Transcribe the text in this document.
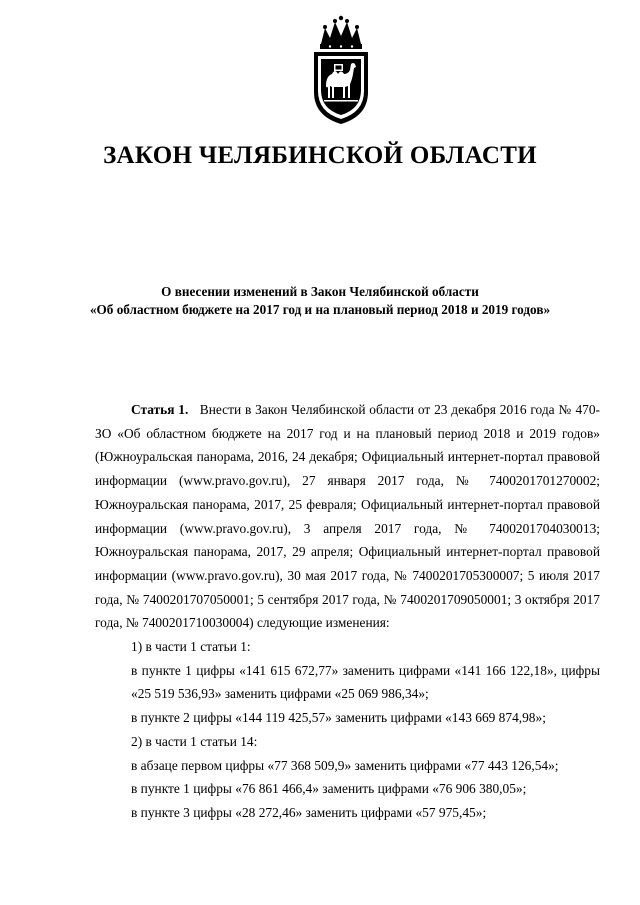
ЗАКОН ЧЕЛЯБИНСКОЙ ОБЛАСТИ
О внесении изменений в Закон Челябинской области
«Об областном бюджете на 2017 год и на плановый период 2018 и 2019 годов»
Статья 1. Внести в Закон Челябинской области от 23 декабря 2016 года № 470-ЗО «Об областном бюджете на 2017 год и на плановый период 2018 и 2019 годов» (Южноуральская панорама, 2016, 24 декабря; Официальный интернет-портал правовой информации (www.pravo.gov.ru), 27 января 2017 года, № 7400201701270002; Южноуральская панорама, 2017, 25 февраля; Официальный интернет-портал правовой информации (www.pravo.gov.ru), 3 апреля 2017 года, № 7400201704030013; Южноуральская панорама, 2017, 29 апреля; Официальный интернет-портал правовой информации (www.pravo.gov.ru), 30 мая 2017 года, № 7400201705300007; 5 июля 2017 года, № 7400201707050001; 5 сентября 2017 года, № 7400201709050001; 3 октября 2017 года, № 7400201710030004) следующие изменения:
1) в части 1 статьи 1:
в пункте 1 цифры «141 615 672,77» заменить цифрами «141 166 122,18», цифры «25 519 536,93» заменить цифрами «25 069 986,34»;
в пункте 2 цифры «144 119 425,57» заменить цифрами «143 669 874,98»;
2) в части 1 статьи 14:
в абзаце первом цифры «77 368 509,9» заменить цифрами «77 443 126,54»;
в пункте 1 цифры «76 861 466,4» заменить цифрами «76 906 380,05»;
в пункте 3 цифры «28 272,46» заменить цифрами «57 975,45»;
